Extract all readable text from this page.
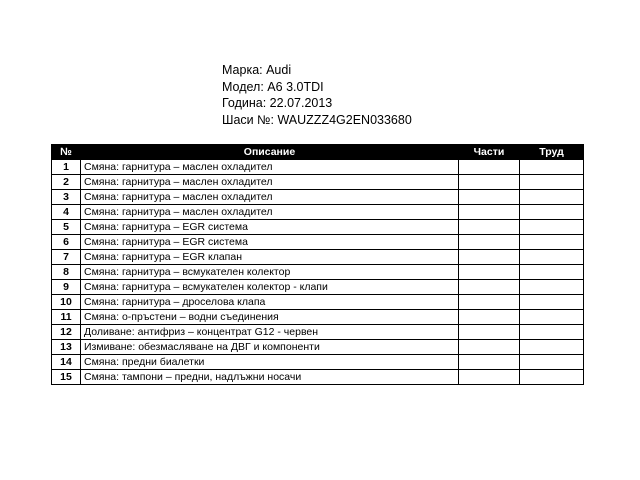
Марка: Audi
Модел: A6 3.0TDI
Година: 22.07.2013
Шаси №: WAUZZZ4G2EN033680
№	Описание	Части	Труд
1	Смяна: гарнитура – маслен охладител		
2	Смяна: гарнитура – маслен охладител		
3	Смяна: гарнитура – маслен охладител		
4	Смяна: гарнитура – маслен охладител		
5	Смяна: гарнитура – EGR система		
6	Смяна: гарнитура – EGR система		
7	Смяна: гарнитура – EGR клапан		
8	Смяна: гарнитура – всмукателен колектор		
9	Смяна: гарнитура – всмукателен колектор - клапи		
10	Смяна: гарнитура – дроселова клапа		
11	Смяна: о-пръстени – водни съединения		
12	Доливане: антифриз – концентрат G12 - червен		
13	Измиване: обезмасляване на ДВГ и компоненти		
14	Смяна: предни биалетки		
15	Смяна: тампони – предни, надлъжни носачи		
